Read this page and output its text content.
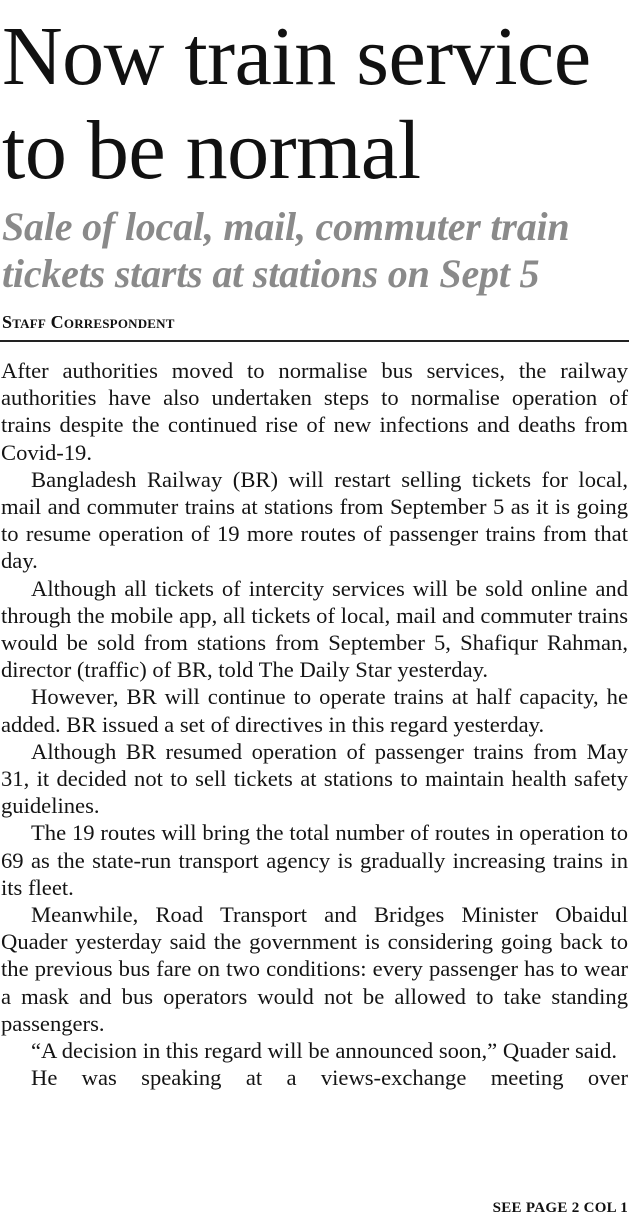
Now train service to be normal
Sale of local, mail, commuter train tickets starts at stations on Sept 5
Staff Correspondent

After authorities moved to normalise bus services, the railway authorities have also undertaken steps to normalise operation of trains despite the continued rise of new infections and deaths from Covid-19.

Bangladesh Railway (BR) will restart selling tickets for local, mail and commuter trains at stations from September 5 as it is going to resume operation of 19 more routes of passenger trains from that day.

Although all tickets of intercity services will be sold online and through the mobile app, all tickets of local, mail and commuter trains would be sold from stations from September 5, Shafiqur Rahman, director (traffic) of BR, told The Daily Star yesterday.

However, BR will continue to operate trains at half capacity, he added. BR issued a set of directives in this regard yesterday.

Although BR resumed operation of passenger trains from May 31, it decided not to sell tickets at stations to maintain health safety guidelines.

The 19 routes will bring the total number of routes in operation to 69 as the state-run transport agency is gradually increasing trains in its fleet.

Meanwhile, Road Transport and Bridges Minister Obaidul Quader yesterday said the government is considering going back to the previous bus fare on two conditions: every passenger has to wear a mask and bus operators would not be allowed to take standing passengers.

“A decision in this regard will be announced soon,” Quader said.

He was speaking at a views-exchange meeting over

SEE PAGE 2 COL 1
